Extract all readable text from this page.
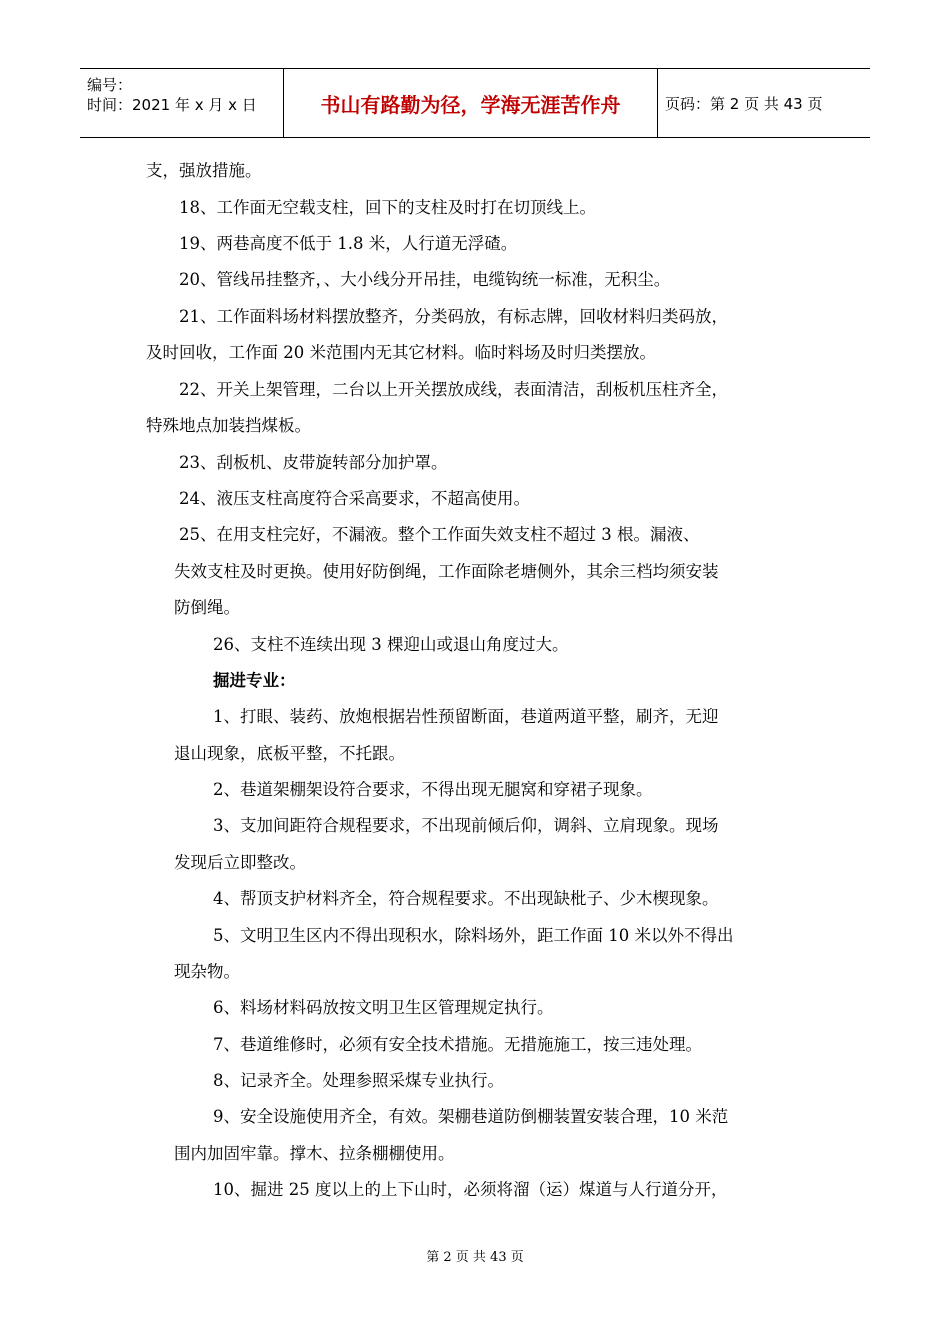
编号：
时间：2021 年 x 月 x 日	书山有路勤为径，学海无涯苦作舟	页码：第 2 页 共 43 页
支，强放措施。
18、工作面无空载支柱，回下的支柱及时打在切顶线上。
19、两巷高度不低于 1.8 米，人行道无浮碴。
20、管线吊挂整齐，、大小线分开吊挂，电缆钩统一标准，无积尘。
21、工作面料场材料摆放整齐，分类码放，有标志牌，回收材料归类码放，
及时回收，工作面 20 米范围内无其它材料。临时料场及时归类摆放。
22、开关上架管理，二台以上开关摆放成线，表面清洁，刮板机压柱齐全，
特殊地点加装挡煤板。
23、刮板机、皮带旋转部分加护罩。
24、液压支柱高度符合采高要求，不超高使用。
25、在用支柱完好，不漏液。整个工作面失效支柱不超过 3 根。漏液、
失效支柱及时更换。使用好防倒绳，工作面除老塘侧外，其余三档均须安装
防倒绳。
26、支柱不连续出现 3 棵迎山或退山角度过大。
掘进专业：
1、打眼、装药、放炮根据岩性预留断面，巷道两道平整，刷齐，无迎
退山现象，底板平整，不托跟。
2、巷道架棚架设符合要求，不得出现无腿窝和穿裙子现象。
3、支加间距符合规程要求，不出现前倾后仰，调斜、立肩现象。现场
发现后立即整改。
4、帮顶支护材料齐全，符合规程要求。不出现缺枇子、少木楔现象。
5、文明卫生区内不得出现积水，除料场外，距工作面 10 米以外不得出
现杂物。
6、料场材料码放按文明卫生区管理规定执行。
7、巷道维修时，必须有安全技术措施。无措施施工，按三违处理。
8、记录齐全。处理参照采煤专业执行。
9、安全设施使用齐全，有效。架棚巷道防倒棚装置安装合理，10 米范
围内加固牢靠。撑木、拉条棚棚使用。
10、掘进 25 度以上的上下山时，必须将溜（运）煤道与人行道分开，
第 2 页 共 43 页
